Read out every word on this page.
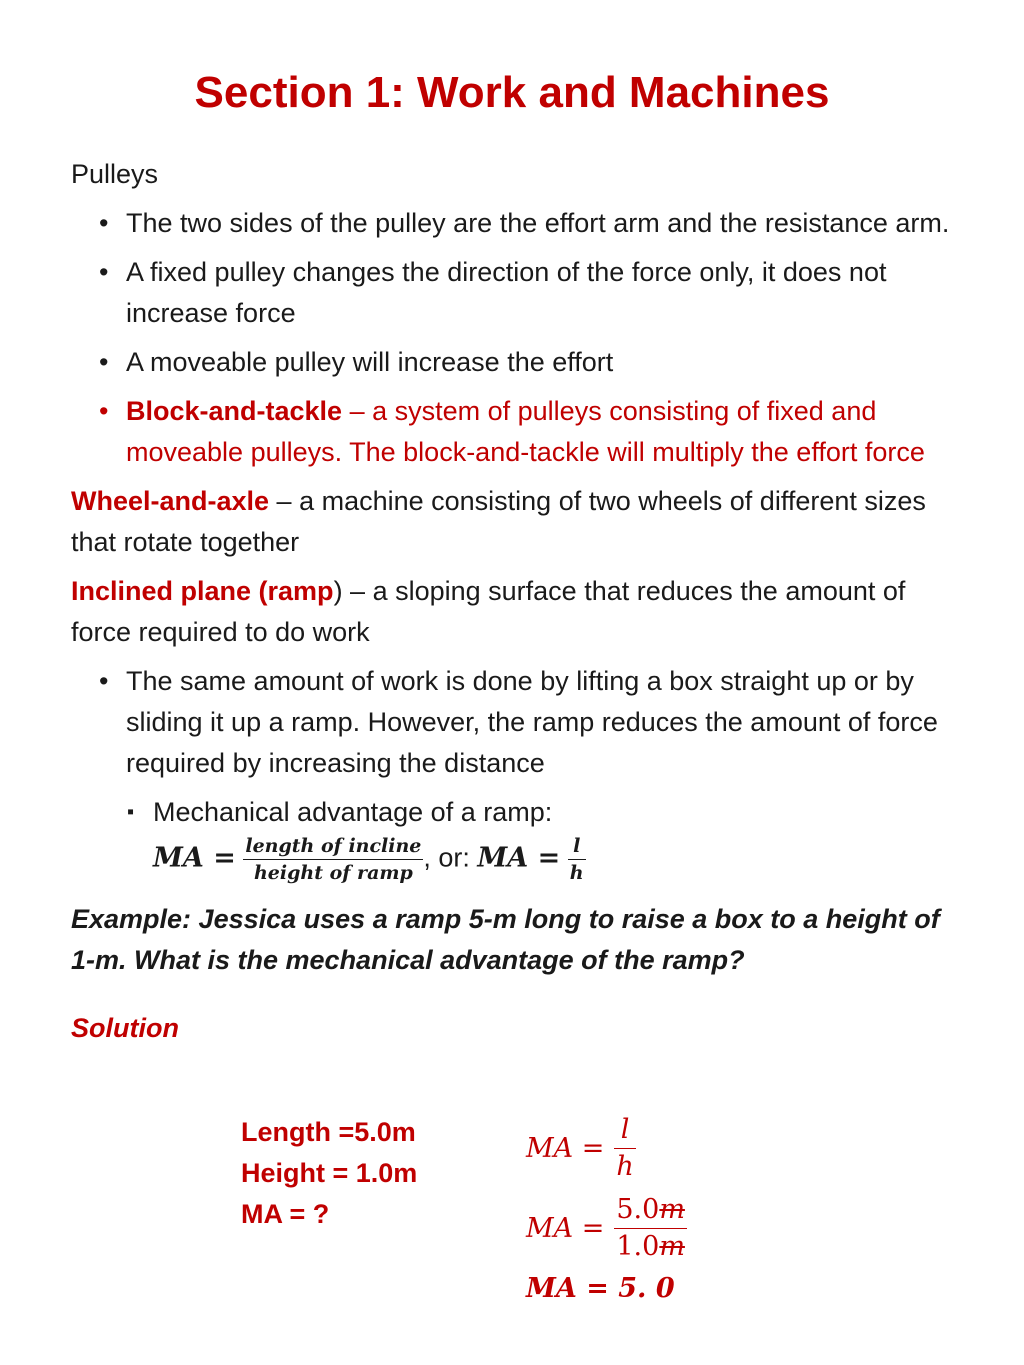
Section 1: Work and Machines

Pulleys

• The two sides of the pulley are the effort arm and the resistance arm.

• A fixed pulley changes the direction of the force only, it does not increase force

• A moveable pulley will increase the effort

• Block-and-tackle – a system of pulleys consisting of fixed and moveable pulleys. The block-and-tackle will multiply the effort force

Wheel-and-axle – a machine consisting of two wheels of different sizes that rotate together

Inclined plane (ramp) – a sloping surface that reduces the amount of force required to do work

• The same amount of work is done by lifting a box straight up or by sliding it up a ramp. However, the ramp reduces the amount of force required by increasing the distance

▪ Mechanical advantage of a ramp:

MA = $\frac{\text{length of incline}}{\text{height of ramp}}$ , or: MA = $\frac{l}{h}$

Example: Jessica uses a ramp 5-m long to raise a box to a height of 1-m. What is the mechanical advantage of the ramp?

Solution

Length =5.0m
Height = 1.0m
MA = ?
MA = $\frac{l}{h}$
MA = $\frac{5.0m}{1.0m}$
MA = 5. 0
